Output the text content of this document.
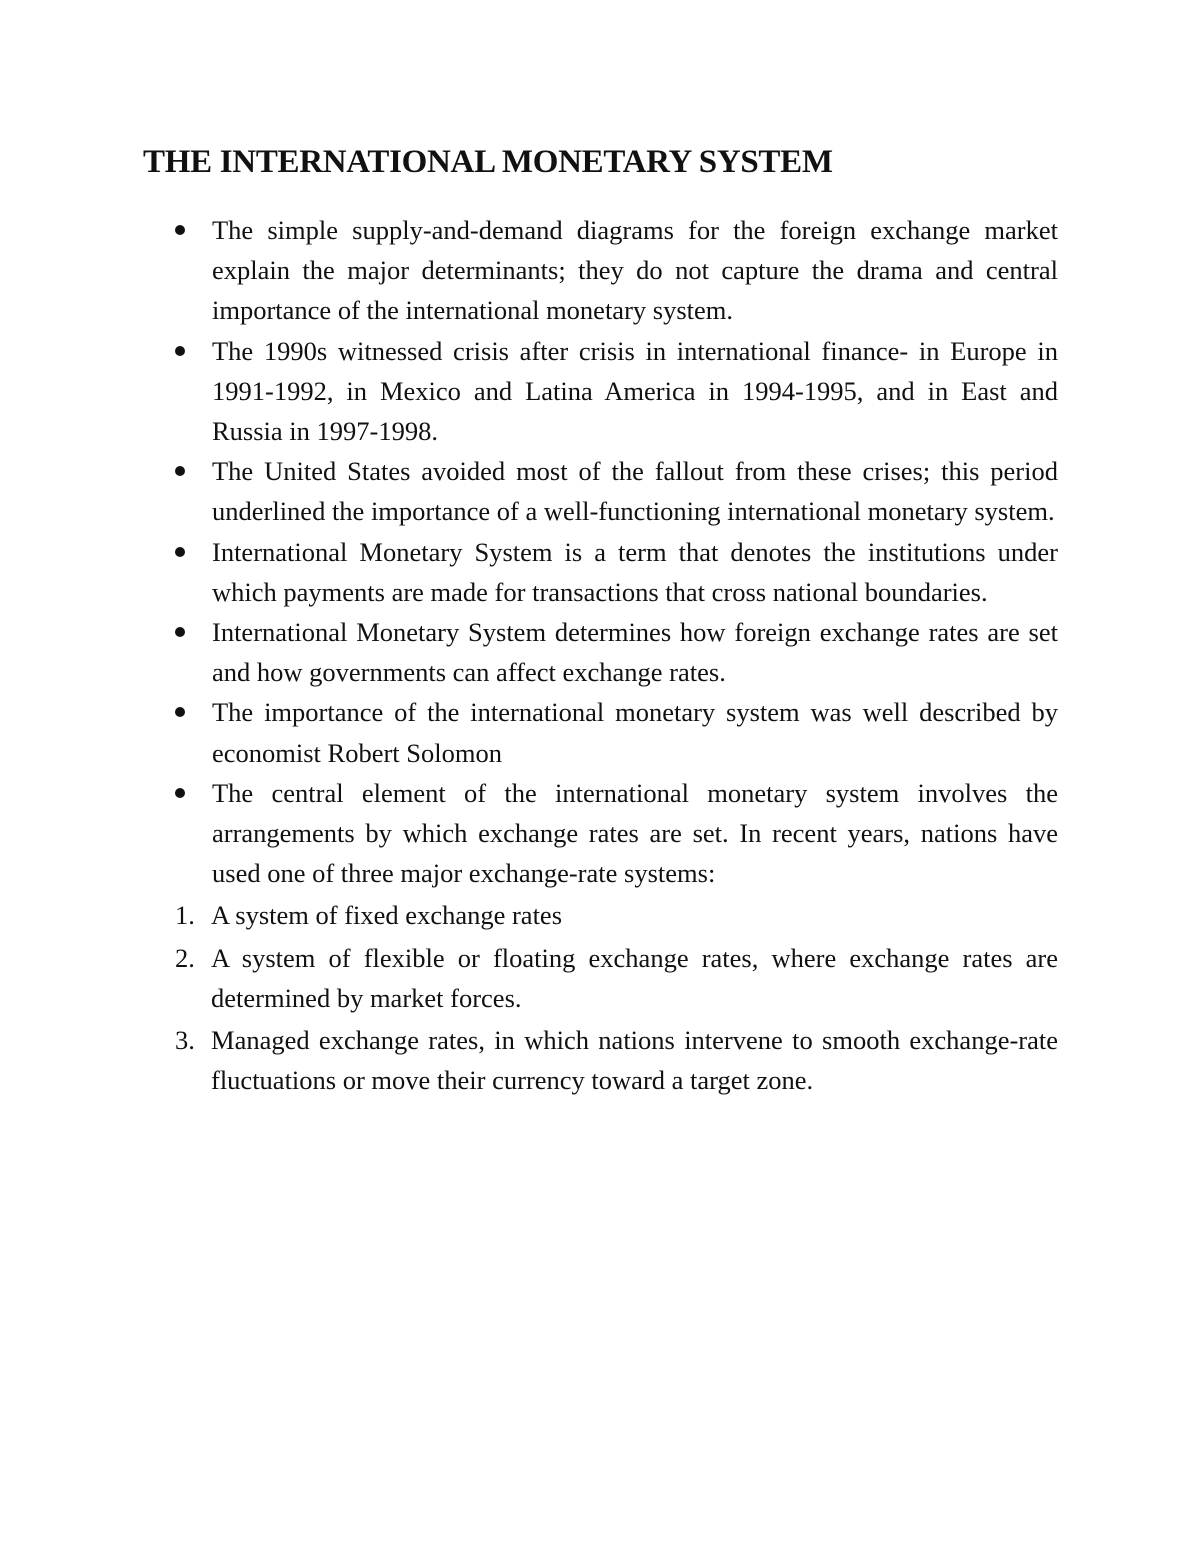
THE INTERNATIONAL MONETARY SYSTEM
The simple supply-and-demand diagrams for the foreign exchange market explain the major determinants; they do not capture the drama and central importance of the international monetary system.
The 1990s witnessed crisis after crisis in international finance- in Europe in 1991-1992, in Mexico and Latina America in 1994-1995, and in East and Russia in 1997-1998.
The United States avoided most of the fallout from these crises; this period underlined the importance of a well-functioning international monetary system.
International Monetary System is a term that denotes the institutions under which payments are made for transactions that cross national boundaries.
International Monetary System determines how foreign exchange rates are set and how governments can affect exchange rates.
The importance of the international monetary system was well described by economist Robert Solomon
The central element of the international monetary system involves the arrangements by which exchange rates are set. In recent years, nations have used one of three major exchange-rate systems:
1. A system of fixed exchange rates
2. A system of flexible or floating exchange rates, where exchange rates are determined by market forces.
3. Managed exchange rates, in which nations intervene to smooth exchange-rate fluctuations or move their currency toward a target zone.
